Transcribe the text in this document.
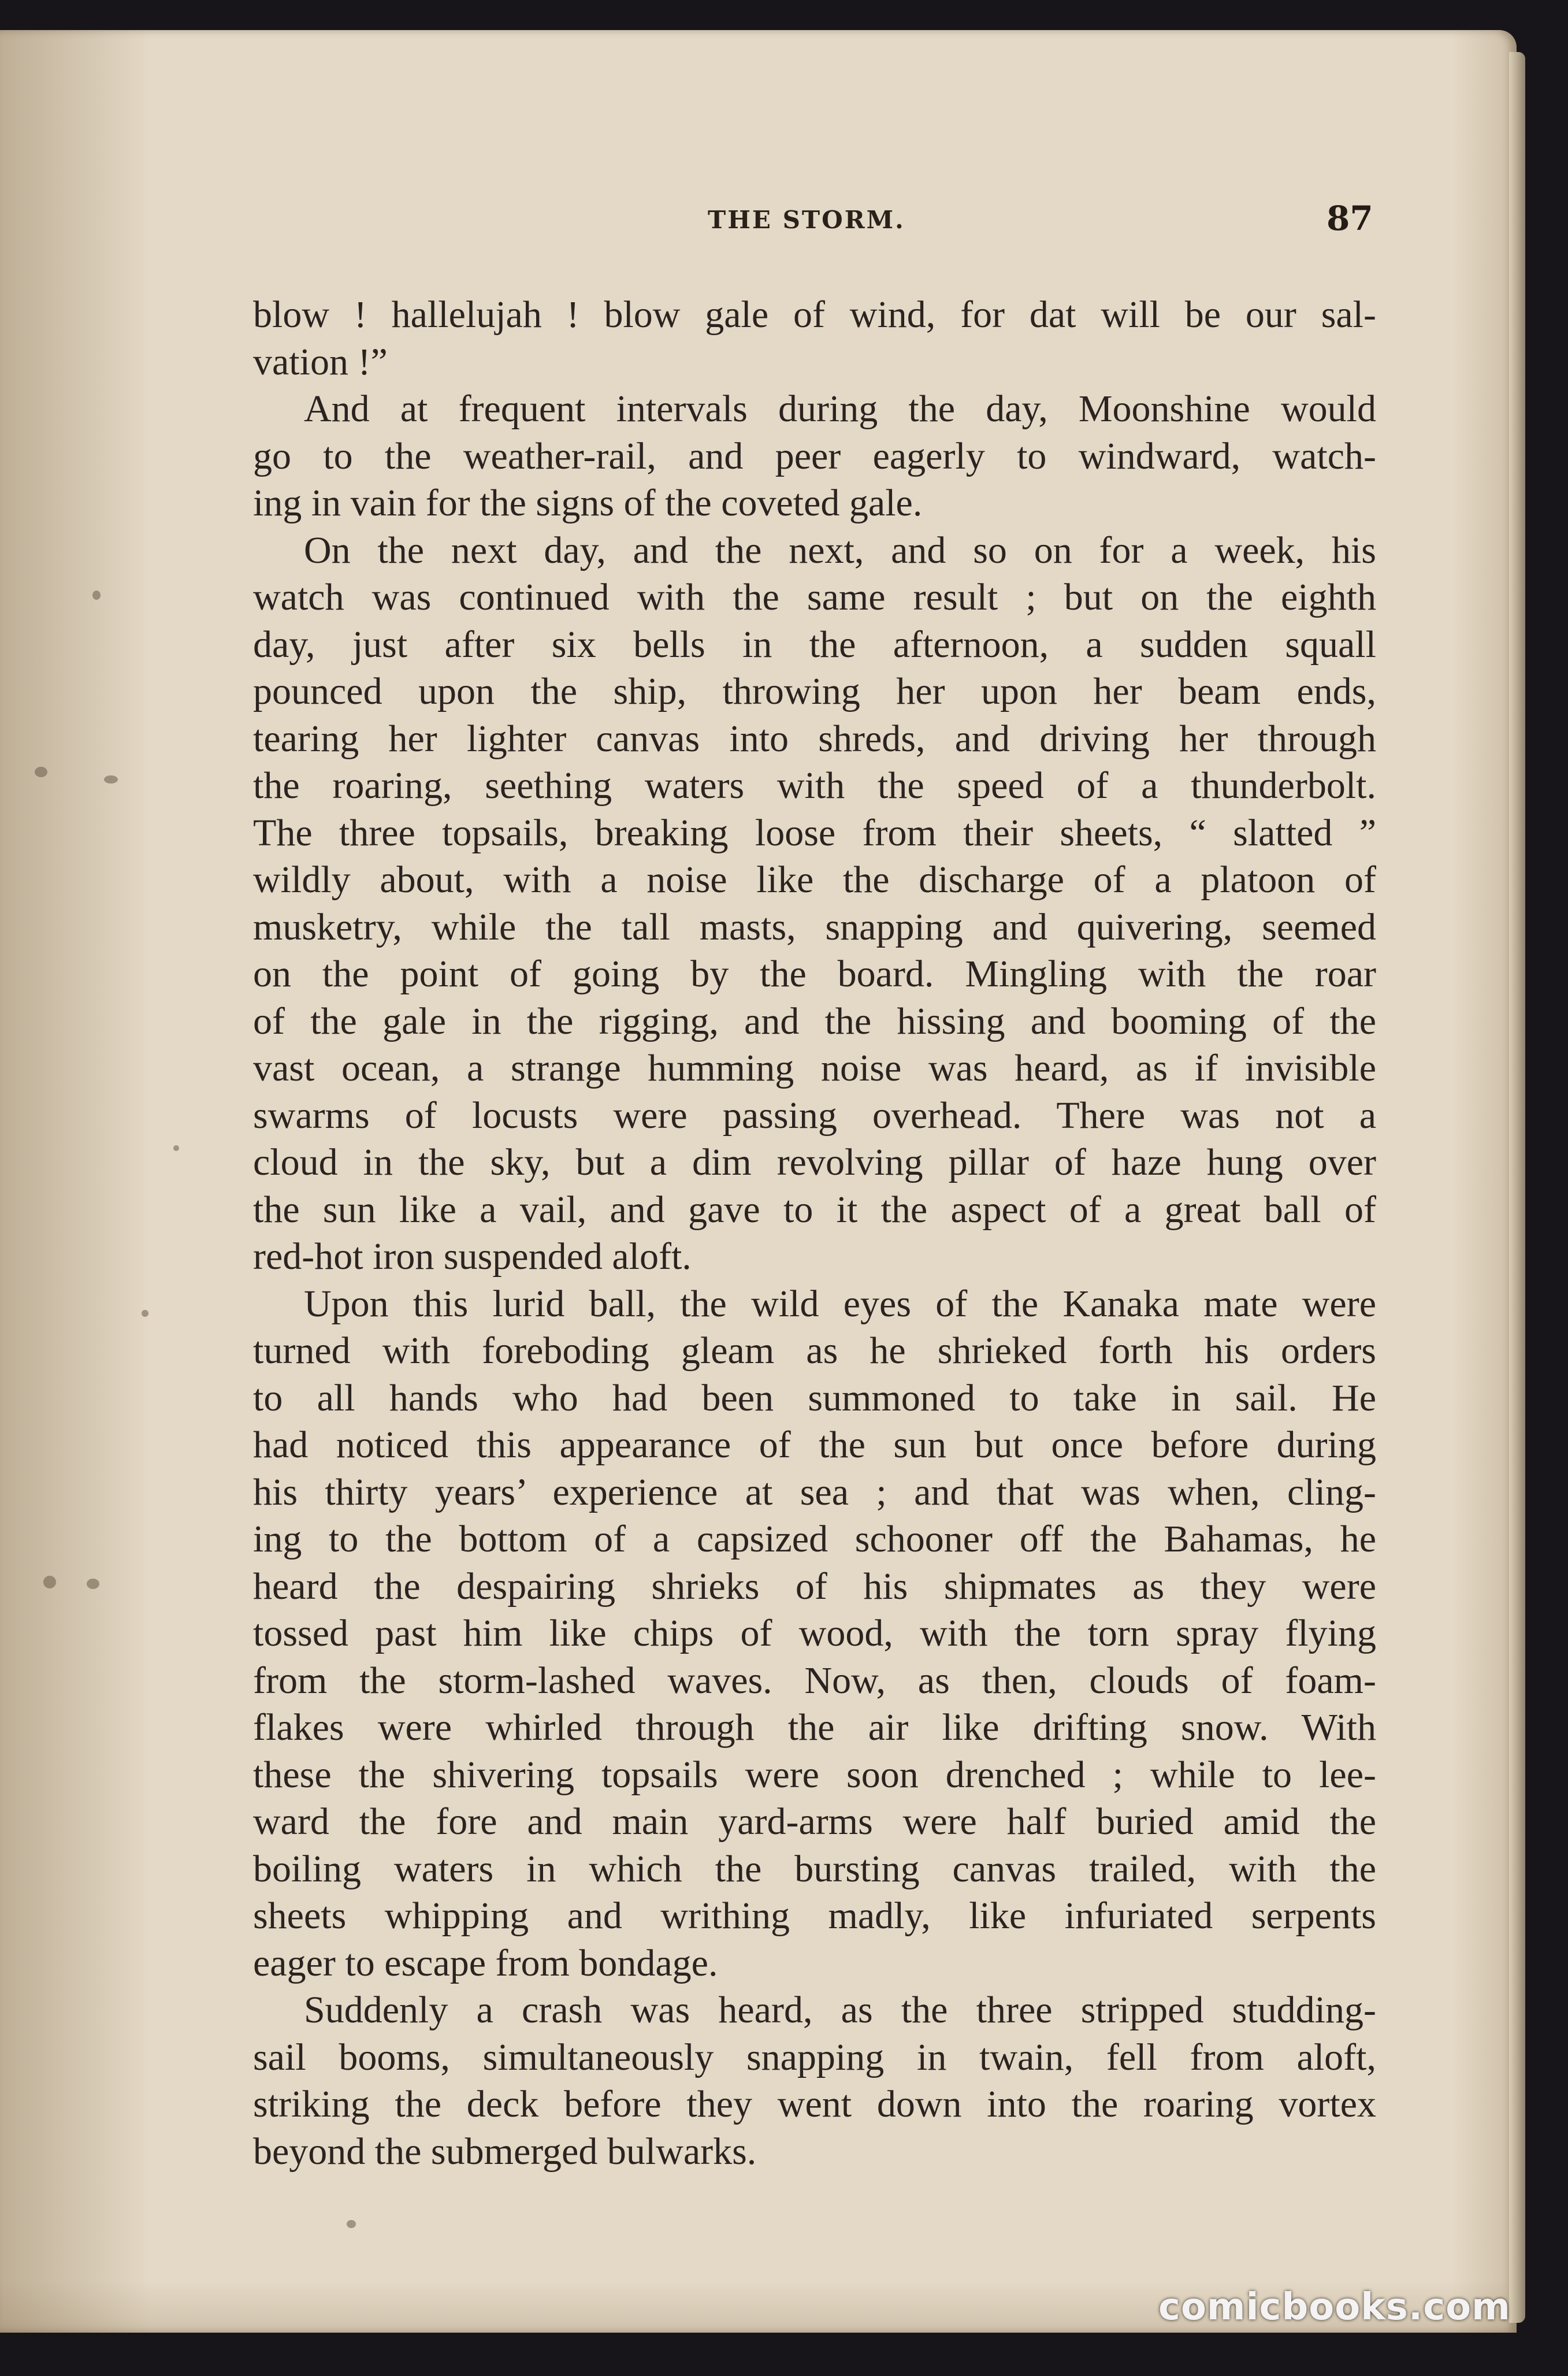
THE STORM.	87
blow ! hallelujah ! blow gale of wind, for dat will be our sal-
vation !”
And at frequent intervals during the day, Moonshine would
go to the weather-rail, and peer eagerly to windward, watch-
ing in vain for the signs of the coveted gale.
On the next day, and the next, and so on for a week, his
watch was continued with the same result ; but on the eighth
day, just after six bells in the afternoon, a sudden squall
pounced upon the ship, throwing her upon her beam ends,
tearing her lighter canvas into shreds, and driving her through
the roaring, seething waters with the speed of a thunderbolt.
The three topsails, breaking loose from their sheets, “ slatted ”
wildly about, with a noise like the discharge of a platoon of
musketry, while the tall masts, snapping and quivering, seemed
on the point of going by the board. Mingling with the roar
of the gale in the rigging, and the hissing and booming of the
vast ocean, a strange humming noise was heard, as if invisible
swarms of locusts were passing overhead. There was not a
cloud in the sky, but a dim revolving pillar of haze hung over
the sun like a vail, and gave to it the aspect of a great ball of
red-hot iron suspended aloft.
Upon this lurid ball, the wild eyes of the Kanaka mate were
turned with foreboding gleam as he shrieked forth his orders
to all hands who had been summoned to take in sail. He
had noticed this appearance of the sun but once before during
his thirty years’ experience at sea ; and that was when, cling-
ing to the bottom of a capsized schooner off the Bahamas, he
heard the despairing shrieks of his shipmates as they were
tossed past him like chips of wood, with the torn spray flying
from the storm-lashed waves. Now, as then, clouds of foam-
flakes were whirled through the air like drifting snow. With
these the shivering topsails were soon drenched ; while to lee-
ward the fore and main yard-arms were half buried amid the
boiling waters in which the bursting canvas trailed, with the
sheets whipping and writhing madly, like infuriated serpents
eager to escape from bondage.
Suddenly a crash was heard, as the three stripped studding-
sail booms, simultaneously snapping in twain, fell from aloft,
striking the deck before they went down into the roaring vortex
beyond the submerged bulwarks.
comicbooks.com
